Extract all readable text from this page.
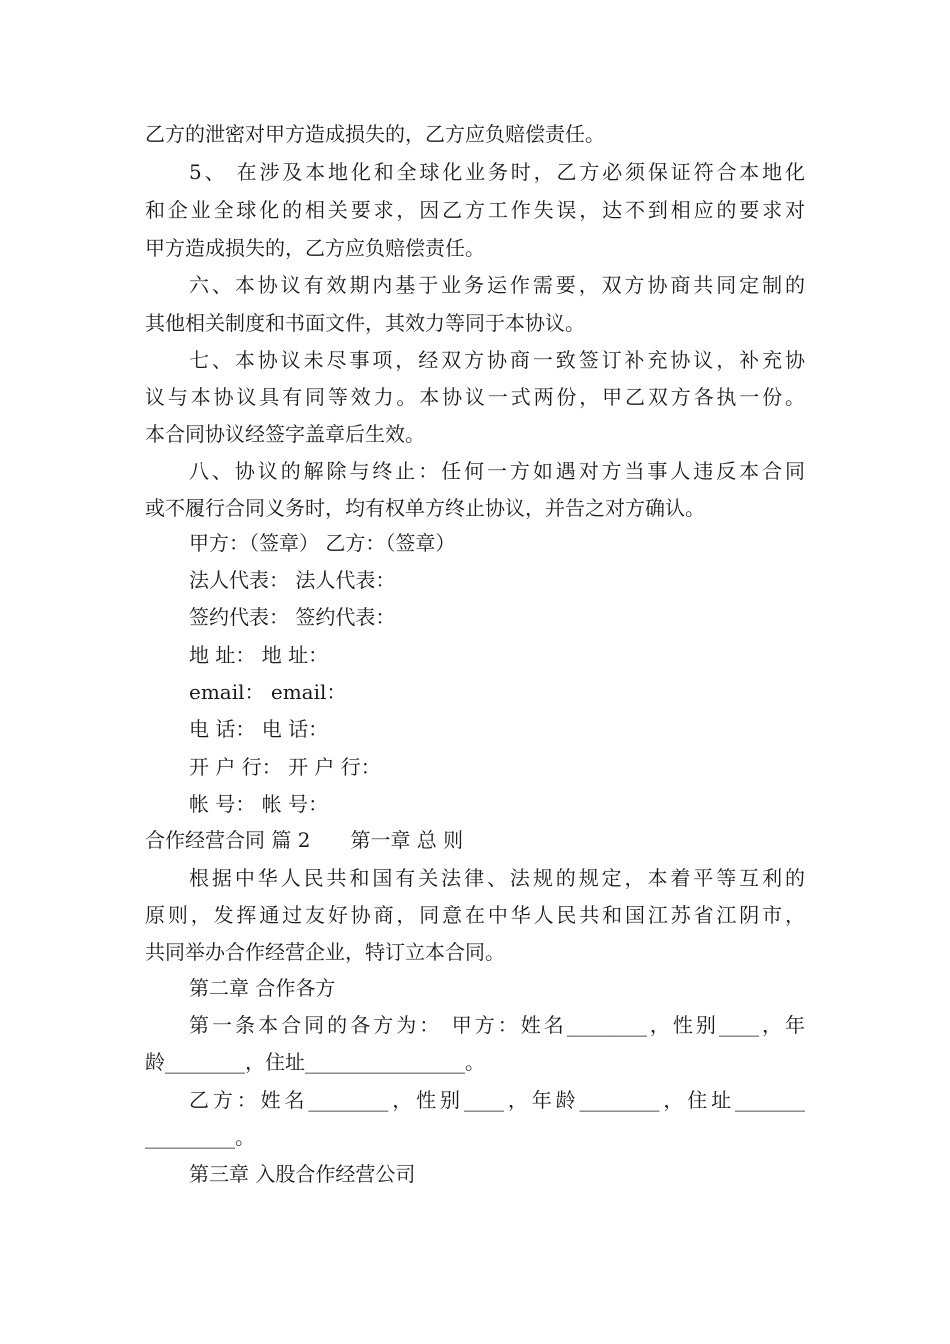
乙方的泄密对甲方造成损失的，乙方应负赔偿责任。
5、 在涉及本地化和全球化业务时，乙方必须保证符合本地化
和企业全球化的相关要求，因乙方工作失误，达不到相应的要求对
甲方造成损失的，乙方应负赔偿责任。
六、本协议有效期内基于业务运作需要，双方协商共同定制的
其他相关制度和书面文件，其效力等同于本协议。
七、本协议未尽事项，经双方协商一致签订补充协议，补充协
议与本协议具有同等效力。本协议一式两份，甲乙双方各执一份。
本合同协议经签字盖章后生效。
八、协议的解除与终止：任何一方如遇对方当事人违反本合同
或不履行合同义务时，均有权单方终止协议，并告之对方确认。
甲方：（签章） 乙方：（签章）
法人代表： 法人代表：
签约代表： 签约代表：
地 址： 地 址：
email： email：
电 话： 电 话：
开 户 行： 开 户 行：
帐 号： 帐 号：
合作经营合同 篇 2　　第一章 总 则
根据中华人民共和国有关法律、法规的规定，本着平等互利的
原则，发挥通过友好协商，同意在中华人民共和国江苏省江阴市，
共同举办合作经营企业，特订立本合同。
第二章 合作各方
第一条本合同的各方为： 甲方：姓名________，性别____，年
龄________，住址________________。
乙方：姓名________，性别____，年龄________，住址_______
_________。
第三章 入股合作经营公司
